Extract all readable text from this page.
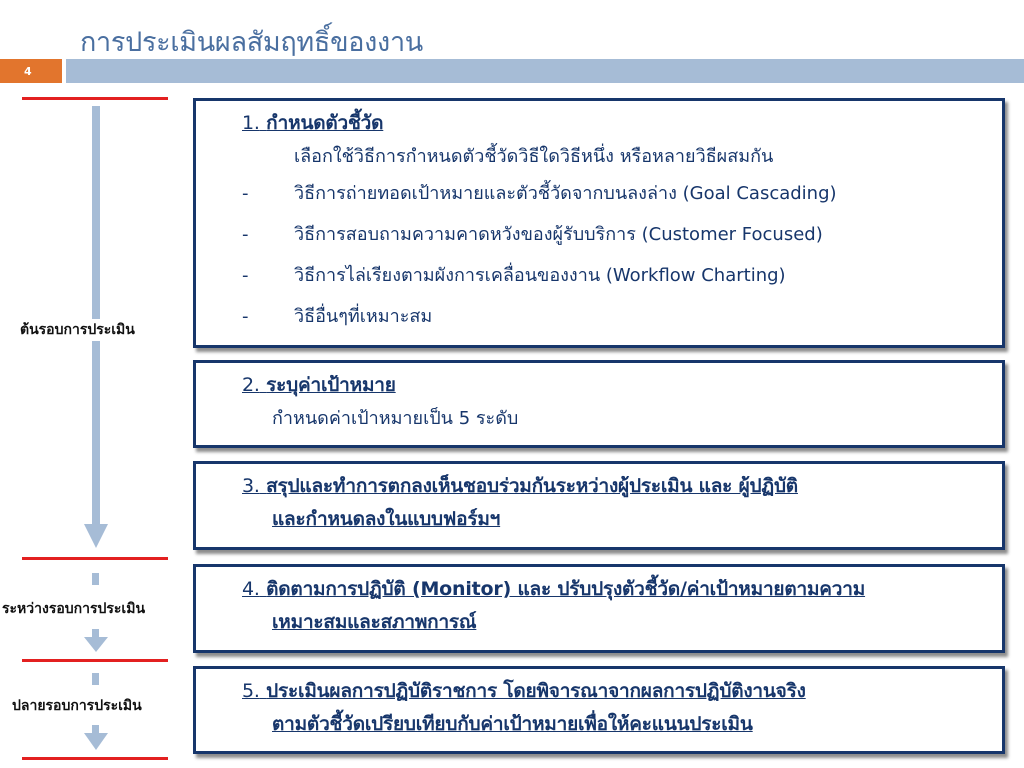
การประเมินผลสัมฤทธิ์ของงาน
4
ต้นรอบการประเมิน
ระหว่างรอบการประเมิน
ปลายรอบการประเมิน
1. กำหนดตัวชี้วัด
เลือกใช้วิธีการกำหนดตัวชี้วัดวิธีใดวิธีหนึ่ง หรือหลายวิธีผสมกัน
-	วิธีการถ่ายทอดเป้าหมายและตัวชี้วัดจากบนลงล่าง (Goal Cascading)
-	วิธีการสอบถามความคาดหวังของผู้รับบริการ (Customer Focused)
-	วิธีการไล่เรียงตามผังการเคลื่อนของงาน (Workflow Charting)
-	วิธีอื่นๆที่เหมาะสม
2. ระบุค่าเป้าหมาย
กำหนดค่าเป้าหมายเป็น 5 ระดับ
3. สรุปและทำการตกลงเห็นชอบร่วมกันระหว่างผู้ประเมิน และ ผู้ปฏิบัติ
และกำหนดลงในแบบฟอร์มฯ
4. ติดตามการปฏิบัติ (Monitor) และ ปรับปรุงตัวชี้วัด/ค่าเป้าหมายตามความ
เหมาะสมและสภาพการณ์
5. ประเมินผลการปฏิบัติราชการ โดยพิจารณาจากผลการปฏิบัติงานจริง
ตามตัวชี้วัดเปรียบเทียบกับค่าเป้าหมายเพื่อให้คะแนนประเมิน
